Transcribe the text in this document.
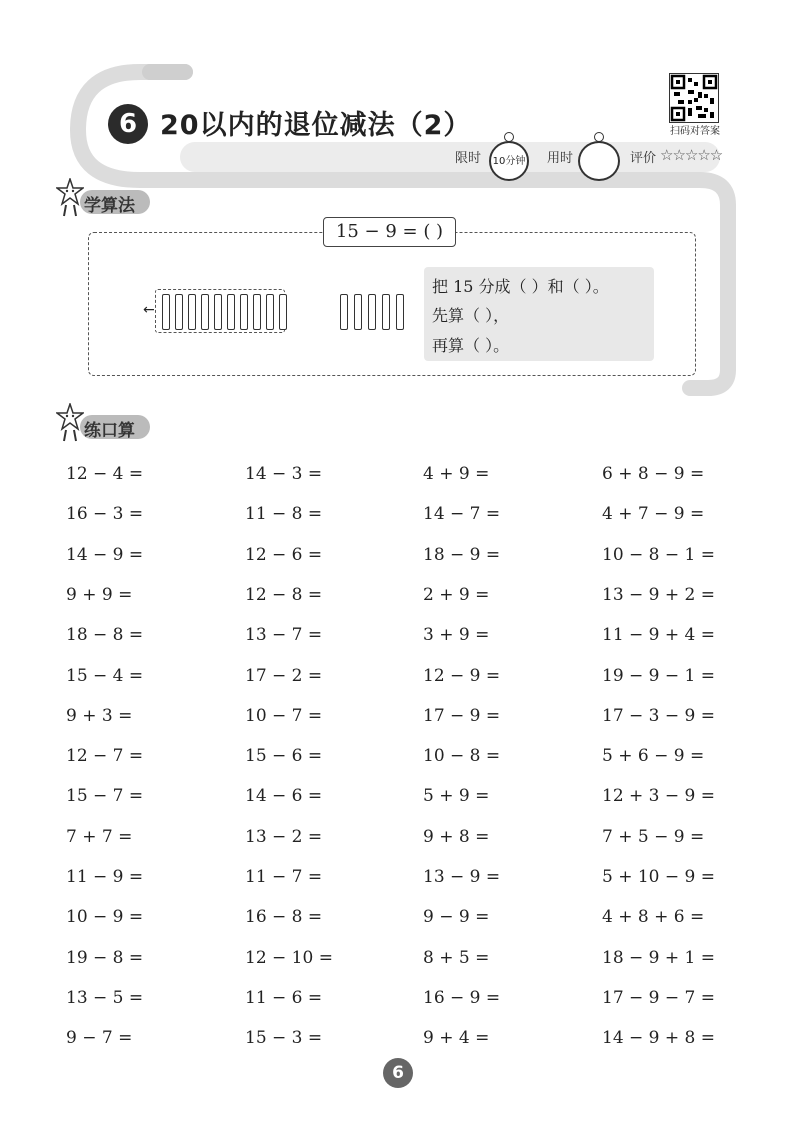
6 20以内的退位减法（2）	扫码对答案
限时 10分钟 用时	评价 ☆☆☆☆☆
学算法
15 − 9 = ( )
←
把 15 分成（ ）和（ ）。
先算（ ），
再算（ ）。
练口算
12 − 4 =
16 − 3 =
14 − 9 =
9 + 9 =
18 − 8 =
15 − 4 =
9 + 3 =
12 − 7 =
15 − 7 =
7 + 7 =
11 − 9 =
10 − 9 =
19 − 8 =
13 − 5 =
9 − 7 =
14 − 3 =
11 − 8 =
12 − 6 =
12 − 8 =
13 − 7 =
17 − 2 =
10 − 7 =
15 − 6 =
14 − 6 =
13 − 2 =
11 − 7 =
16 − 8 =
12 − 10 =
11 − 6 =
15 − 3 =
4 + 9 =
14 − 7 =
18 − 9 =
2 + 9 =
3 + 9 =
12 − 9 =
17 − 9 =
10 − 8 =
5 + 9 =
9 + 8 =
13 − 9 =
9 − 9 =
8 + 5 =
16 − 9 =
9 + 4 =
6 + 8 − 9 =
4 + 7 − 9 =
10 − 8 − 1 =
13 − 9 + 2 =
11 − 9 + 4 =
19 − 9 − 1 =
17 − 3 − 9 =
5 + 6 − 9 =
12 + 3 − 9 =
7 + 5 − 9 =
5 + 10 − 9 =
4 + 8 + 6 =
18 − 9 + 1 =
17 − 9 − 7 =
14 − 9 + 8 =
6
